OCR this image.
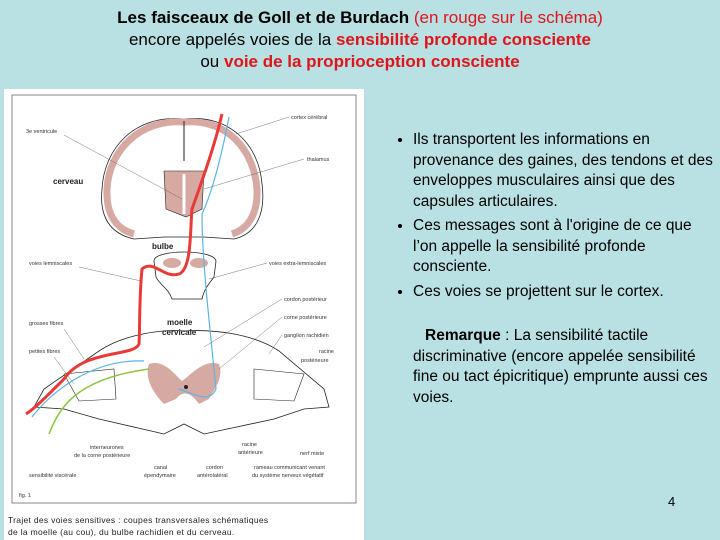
Les faisceaux de Goll et de Burdach (en rouge sur le schéma)
encore appelés voies de la sensibilité profonde consciente
ou voie de la proprioception consciente
3e ventricule
cortex cérébral
thalamus
cerveau
bulbe
voies lemniscales	voies extra-lemniscales
cordon postérieur
corne postérieure
ganglion rachidien
racine
postérieure
grosses fibres
petites fibres
moelle
cervicale
interneurones
de la corne postérieure
racine
antérieure	nerf mixte
sensibilité viscérale
canal
épendymaire
cordon
antérolatéral
rameau communicant venant
du système nerveux végétatif
fig. 1
Trajet des voies sensitives : coupes transversales schématiques
de la moelle (au cou), du bulbe rachidien et du cerveau.
• Ils transportent les informations en provenance des gaines, des tendons et des enveloppes musculaires ainsi que des capsules articulaires.
• Ces messages sont à l'origine de ce que l’on appelle la sensibilité profonde consciente.
• Ces voies se projettent sur le cortex.
Remarque : La sensibilité tactile discriminative (encore appelée sensibilité fine ou tact épicritique) emprunte aussi ces voies.
4
